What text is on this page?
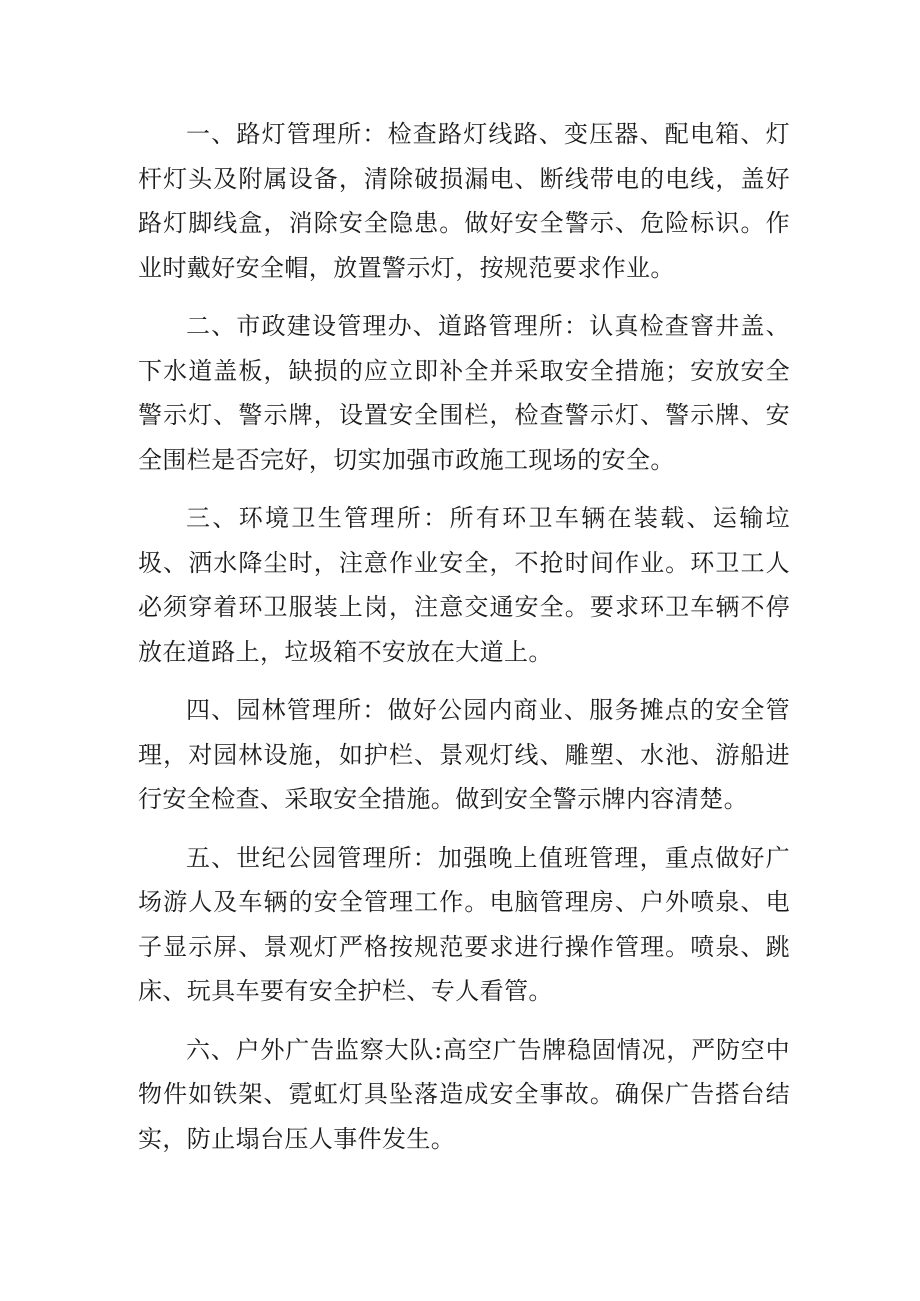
一、路灯管理所：检查路灯线路、变压器、配电箱、灯杆灯头及附属设备，清除破损漏电、断线带电的电线，盖好路灯脚线盒，消除安全隐患。做好安全警示、危险标识。作业时戴好安全帽，放置警示灯，按规范要求作业。

二、市政建设管理办、道路管理所：认真检查窨井盖、下水道盖板，缺损的应立即补全并采取安全措施；安放安全警示灯、警示牌，设置安全围栏，检查警示灯、警示牌、安全围栏是否完好，切实加强市政施工现场的安全。

三、环境卫生管理所：所有环卫车辆在装载、运输垃圾、洒水降尘时，注意作业安全，不抢时间作业。环卫工人必须穿着环卫服装上岗，注意交通安全。要求环卫车辆不停放在道路上，垃圾箱不安放在大道上。

四、园林管理所：做好公园内商业、服务摊点的安全管理，对园林设施，如护栏、景观灯线、雕塑、水池、游船进行安全检查、采取安全措施。做到安全警示牌内容清楚。

五、世纪公园管理所：加强晚上值班管理，重点做好广场游人及车辆的安全管理工作。电脑管理房、户外喷泉、电子显示屏、景观灯严格按规范要求进行操作管理。喷泉、跳床、玩具车要有安全护栏、专人看管。

六、户外广告监察大队:高空广告牌稳固情况，严防空中物件如铁架、霓虹灯具坠落造成安全事故。确保广告搭台结实，防止塌台压人事件发生。
